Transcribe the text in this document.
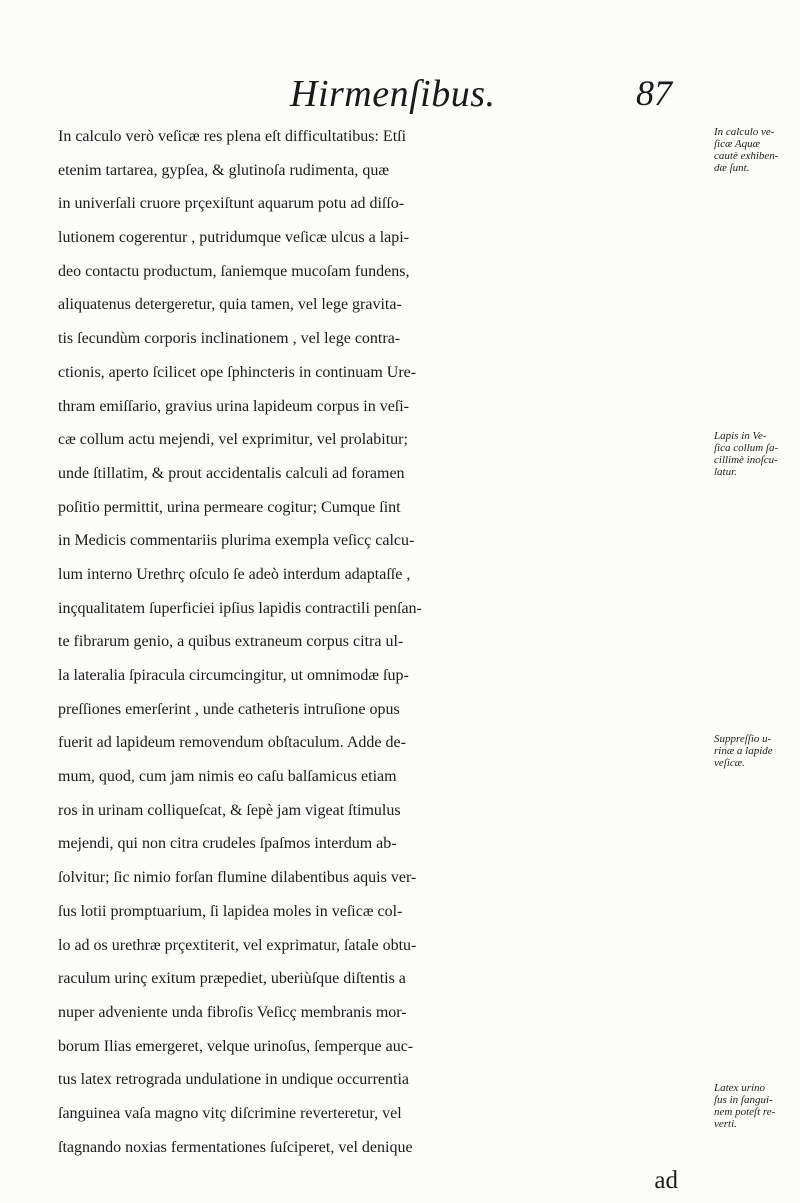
Hirmenſibus.	87
In calculo verò veſicæ res plena eſt difficultatibus: Etſi
etenim tartarea, gypſea, & glutinoſa rudimenta, quæ
in univerſali cruore prçexiſtunt aquarum potu ad diſſo-
lutionem cogerentur , putridumque veſicæ ulcus a lapi-
deo contactu productum, ſaniemque mucoſam fundens,
aliquatenus detergeretur, quia tamen, vel lege gravita-
tis ſecundùm corporis inclinationem , vel lege contra-
ctionis, aperto ſcilicet ope ſphincteris in continuam Ure-
thram emiſſario, gravius urina lapideum corpus in veſi-
cæ collum actu mejendi, vel exprimitur, vel prolabitur;
unde ſtillatim, & prout accidentalis calculi ad foramen
poſitio permittit, urina permeare cogitur; Cumque ſint
in Medicis commentariis plurima exempla veſicç calcu-
lum interno Urethrç oſculo ſe adeò interdum adaptaſſe ,
inçqualitatem ſuperficiei ipſius lapidis contractili penſan-
te fibrarum genio, a quibus extraneum corpus citra ul-
la lateralia ſpiracula circumcingitur, ut omnimodæ ſup-
preſſiones emerſerint , unde catheteris intruſione opus
fuerit ad lapideum removendum obſtaculum. Adde de-
mum, quod, cum jam nimis eo caſu balſamicus etiam
ros in urinam colliqueſcat, & ſepè jam vigeat ſtimulus
mejendi, qui non citra crudeles ſpaſmos interdum ab-
ſolvitur; ſic nimio forſan flumine dilabentibus aquis ver-
ſus lotii promptuarium, ſi lapidea moles in veſicæ col-
lo ad os urethræ prçextiterit, vel exprimatur, ſatale obtu-
raculum urinç exitum præpediet, uberiùſque diſtentis a
nuper adveniente unda fibroſis Veſicç membranis mor-
borum Ilias emergeret, velque urinoſus, ſemperque auc-
tus latex retrograda undulatione in undique occurrentia
ſanguinea vaſa magno vitç diſcrimine reverteretur, vel
ſtagnando noxias fermentationes ſuſciperet, vel denique
ad
In calculo ve-
ſicæ Aquæ
cautè exhiben-
dæ ſunt.
Lapis in Ve-
ſica collum ſa-
cillimè inoſcu-
latur.
Suppreſſio u-
rinæ a lapide
veſicæ.
Latex urino
ſus in ſangui-
nem poteſt re-
verti.
